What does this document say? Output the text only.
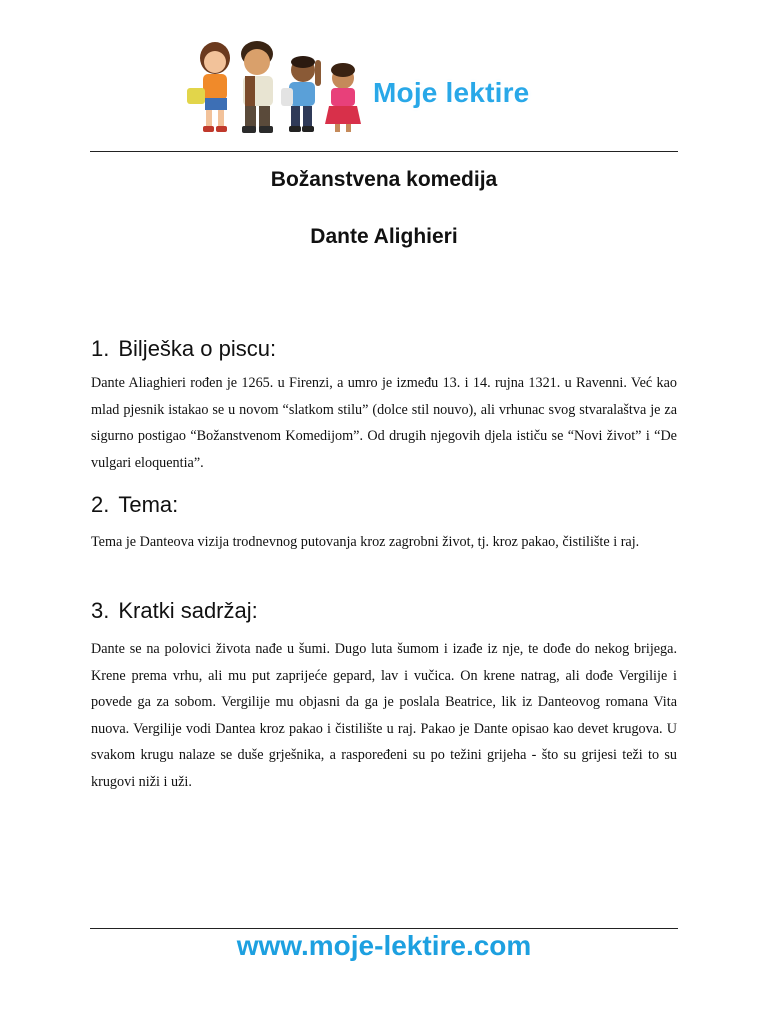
Moje lektire
Božanstvena komedija
Dante Alighieri
1. Bilješka o piscu:

Dante Aliaghieri rođen je 1265. u Firenzi, a umro je između 13. i 14. rujna 1321. u Ravenni. Već kao mlad pjesnik istakao se u novom “slatkom stilu” (dolce stil nouvo), ali vrhunac svog stvaralaštva je za sigurno postigao “Božanstvenom Komedijom”. Od drugih njegovih djela ističu se “Novi život” i “De vulgari eloquentia”.

2. Tema:

Tema je Danteova vizija trodnevnog putovanja kroz zagrobni život, tj. kroz pakao, čistilište i raj.

3. Kratki sadržaj:

Dante se na polovici života nađe u šumi. Dugo luta šumom i izađe iz nje, te dođe do nekog brijega. Krene prema vrhu, ali mu put zaprijeće gepard, lav i vučica. On krene natrag, ali dođe Vergilije i povede ga za sobom. Vergilije mu objasni da ga je poslala Beatrice, lik iz Danteovog romana Vita nuova. Vergilije vodi Dantea kroz pakao i čistilište u raj. Pakao je Dante opisao kao devet krugova. U svakom krugu nalaze se duše grješnika, a raspoređeni su po težini grijeha - što su grijesi teži to su krugovi niži i uži.

www.moje-lektire.com
